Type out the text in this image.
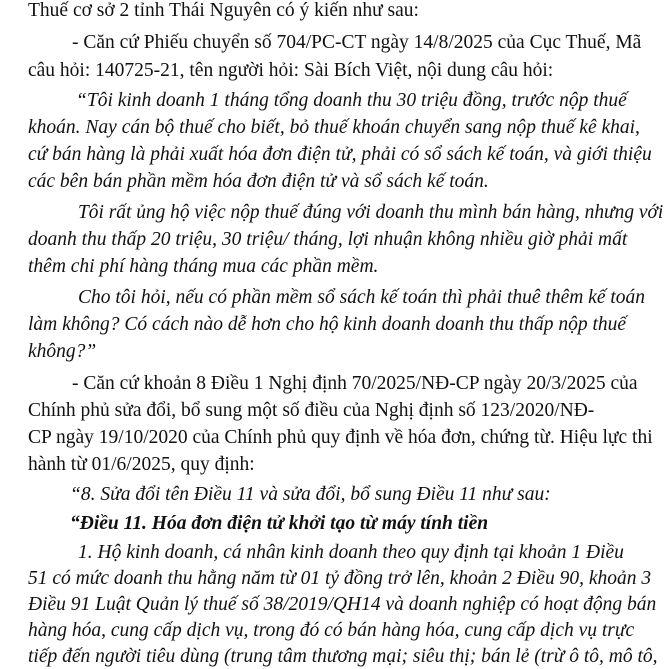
Thuế cơ sở 2 tỉnh Thái Nguyên có ý kiến như sau:
- Căn cứ Phiếu chuyển số 704/PC-CT ngày 14/8/2025 của Cục Thuế, Mã
câu hỏi: 140725-21, tên người hỏi: Sài Bích Việt, nội dung câu hỏi:
“Tôi kinh doanh 1 tháng tổng doanh thu 30 triệu đồng, trước nộp thuế
khoán. Nay cán bộ thuế cho biết, bỏ thuế khoán chuyển sang nộp thuế kê khai,
cứ bán hàng là phải xuất hóa đơn điện tử, phải có sổ sách kế toán, và giới thiệu
các bên bán phần mềm hóa đơn điện tử và sổ sách kế toán.
Tôi rất ủng hộ việc nộp thuế đúng với doanh thu mình bán hàng, nhưng với
doanh thu thấp 20 triệu, 30 triệu/ tháng, lợi nhuận không nhiều giờ phải mất
thêm chi phí hàng tháng mua các phần mềm.
Cho tôi hỏi, nếu có phần mềm sổ sách kế toán thì phải thuê thêm kế toán
làm không? Có cách nào dễ hơn cho hộ kinh doanh doanh thu thấp nộp thuế
không?”
- Căn cứ khoản 8 Điều 1 Nghị định 70/2025/NĐ-CP ngày 20/3/2025 của
Chính phủ sửa đổi, bổ sung một số điều của Nghị định số 123/2020/NĐ-
CP ngày 19/10/2020 của Chính phủ quy định về hóa đơn, chứng từ. Hiệu lực thi
hành từ 01/6/2025, quy định:
“8. Sửa đổi tên Điều 11 và sửa đổi, bổ sung Điều 11 như sau:
“Điều 11. Hóa đơn điện tử khởi tạo từ máy tính tiền
1. Hộ kinh doanh, cá nhân kinh doanh theo quy định tại khoản 1 Điều
51 có mức doanh thu hằng năm từ 01 tỷ đồng trở lên, khoản 2 Điều 90, khoản 3
Điều 91 Luật Quản lý thuế số 38/2019/QH14 và doanh nghiệp có hoạt động bán
hàng hóa, cung cấp dịch vụ, trong đó có bán hàng hóa, cung cấp dịch vụ trực
tiếp đến người tiêu dùng (trung tâm thương mại; siêu thị; bán lẻ (trừ ô tô, mô tô,
